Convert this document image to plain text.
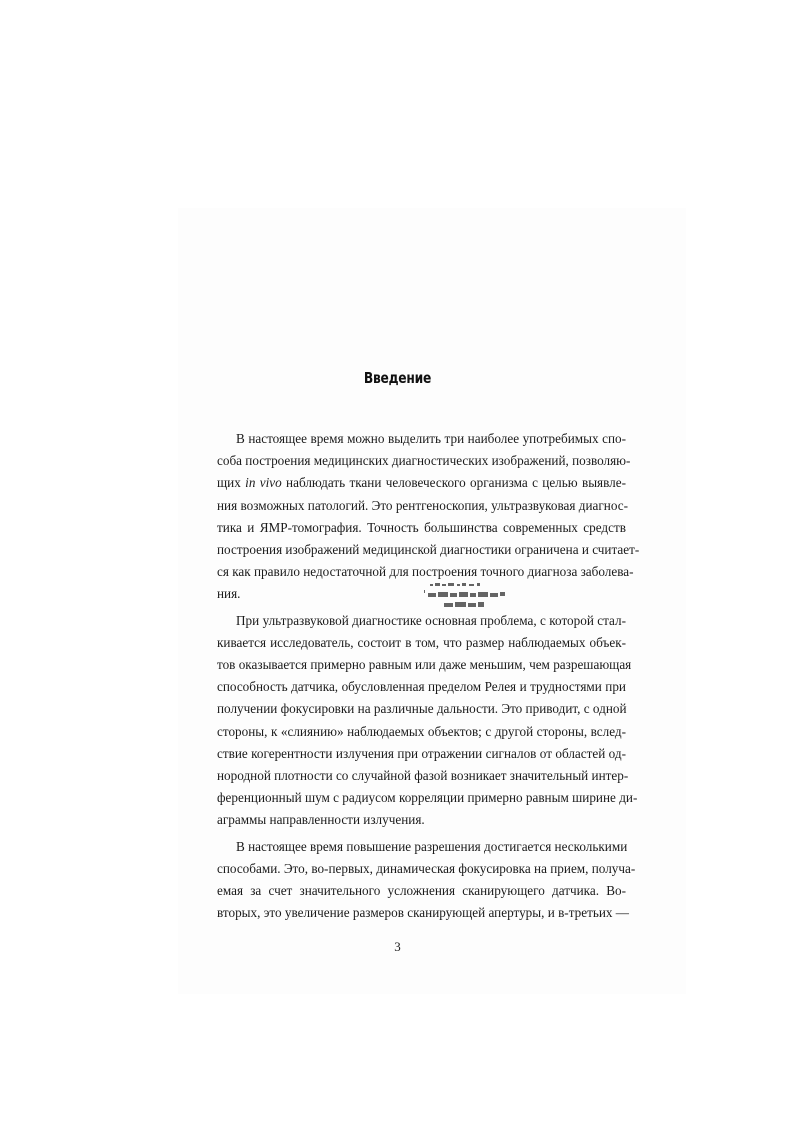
Введение
В настоящее время можно выделить три наиболее употребимых спо-
соба построения медицинских диагностических изображений, позволяю-
щих in vivo наблюдать ткани человеческого организма с целью выявле-
ния возможных патологий. Это рентгеноскопия, ультразвуковая диагнос-
тика и ЯМР-томография. Точность большинства современных средств
построения изображений медицинской диагностики ограничена и считает-
ся как правило недостаточной для построения точного диагноза заболева-
ния.
При ультразвуковой диагностике основная проблема, с которой стал-
кивается исследователь, состоит в том, что размер наблюдаемых объек-
тов оказывается примерно равным или даже меньшим, чем разрешающая
способность датчика, обусловленная пределом Релея и трудностями при
получении фокусировки на различные дальности. Это приводит, с одной
стороны, к «слиянию» наблюдаемых объектов; с другой стороны, вслед-
ствие когерентности излучения при отражении сигналов от областей од-
нородной плотности со случайной фазой возникает значительный интер-
ференционный шум с радиусом корреляции примерно равным ширине ди-
аграммы направленности излучения.
В настоящее время повышение разрешения достигается несколькими
способами. Это, во-первых, динамическая фокусировка на прием, получа-
емая за счет значительного усложнения сканирующего датчика. Во-
вторых, это увеличение размеров сканирующей апертуры, и в-третьих —
3
